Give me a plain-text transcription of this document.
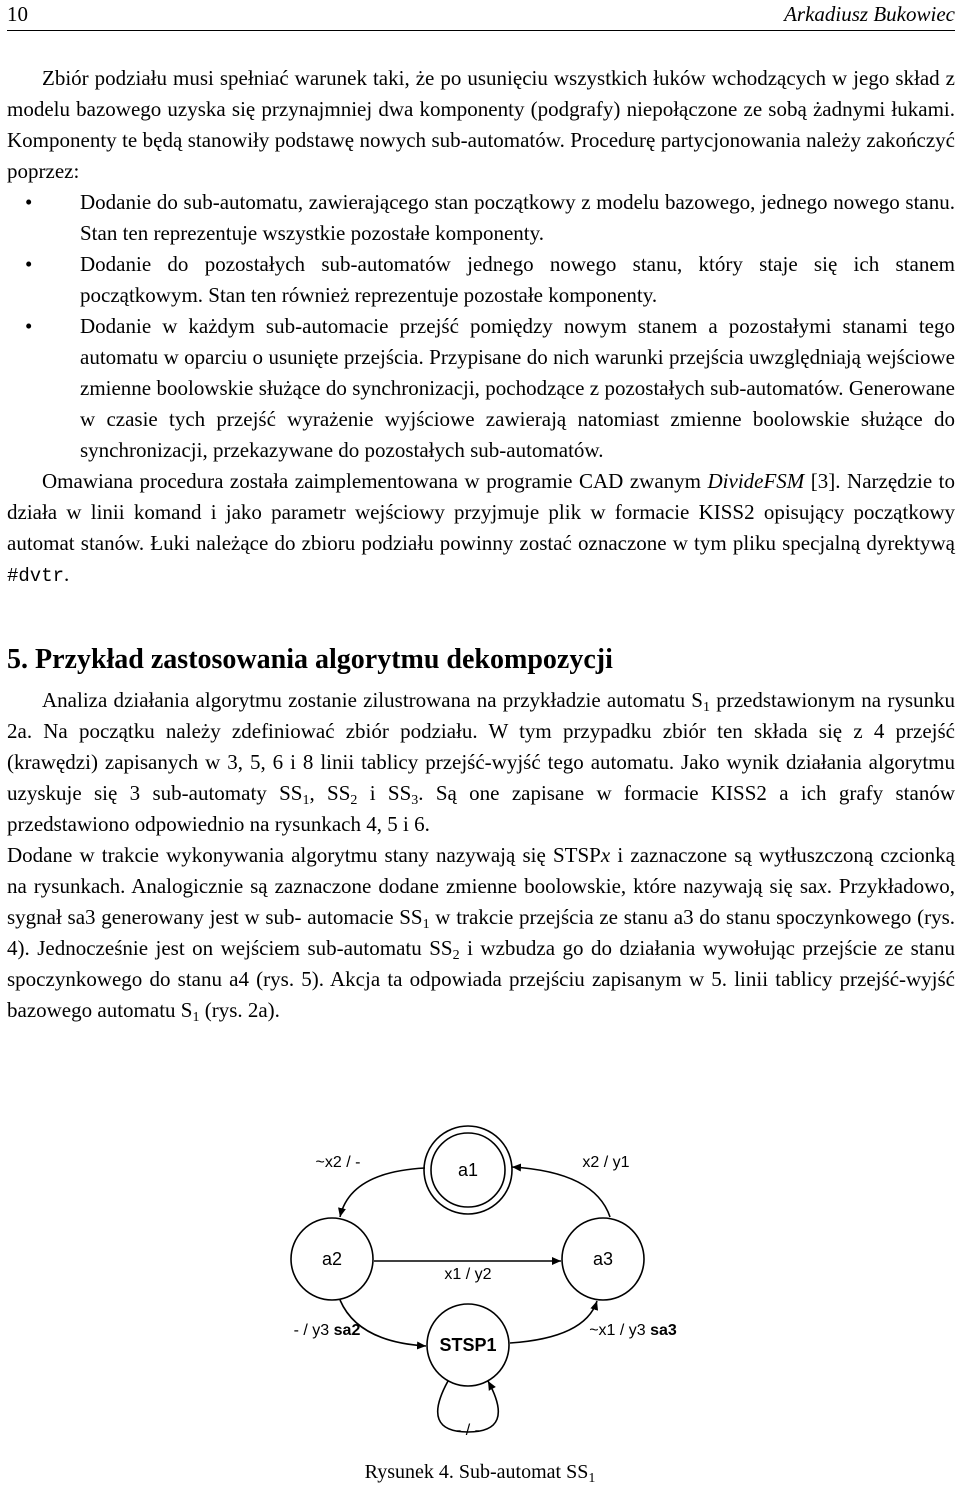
10	Arkadiusz Bukowiec

Zbiór podziału musi spełniać warunek taki, że po usunięciu wszystkich łuków wchodzących w jego skład z modelu bazowego uzyska się przynajmniej dwa komponenty (podgrafy) niepołączone ze sobą żadnymi łukami. Komponenty te będą stanowiły podstawę nowych sub-automatów. Procedurę partycjonowania należy zakończyć poprzez:

• Dodanie do sub-automatu, zawierającego stan początkowy z modelu bazowego, jednego nowego stanu. Stan ten reprezentuje wszystkie pozostałe komponenty.
• Dodanie do pozostałych sub-automatów jednego nowego stanu, który staje się ich stanem początkowym. Stan ten również reprezentuje pozostałe komponenty.
• Dodanie w każdym sub-automacie przejść pomiędzy nowym stanem a pozostałymi stanami tego automatu w oparciu o usunięte przejścia. Przypisane do nich warunki przejścia uwzględniają wejściowe zmienne boolowskie służące do synchronizacji, pochodzące z pozostałych sub-automatów. Generowane w czasie tych przejść wyrażenie wyjściowe zawierają natomiast zmienne boolowskie służące do synchronizacji, przekazywane do pozostałych sub-automatów.

Omawiana procedura została zaimplementowana w programie CAD zwanym DivideFSM [3]. Narzędzie to działa w linii komand i jako parametr wejściowy przyjmuje plik w formacie KISS2 opisujący początkowy automat stanów. Łuki należące do zbioru podziału powinny zostać oznaczone w tym pliku specjalną dyrektywą #dvtr.

5. Przykład zastosowania algorytmu dekompozycji

Analiza działania algorytmu zostanie zilustrowana na przykładzie automatu $S_1$ przedstawionym na rysunku 2a. Na początku należy zdefiniować zbiór podziału. W tym przypadku zbiór ten składa się z 4 przejść (krawędzi) zapisanych w 3, 5, 6 i 8 linii tablicy przejść-wyjść tego automatu. Jako wynik działania algorytmu uzyskuje się 3 sub-automaty $SS_1$, $SS_2$ i $SS_3$. Są one zapisane w formacie KISS2 a ich grafy stanów przedstawiono odpowiednio na rysunkach 4, 5 i 6.

Dodane w trakcie wykonywania algorytmu stany nazywają się STSPx i zaznaczone są wytłuszczoną czcionką na rysunkach. Analogicznie są zaznaczone dodane zmienne boolowskie, które nazywają się sax. Przykładowo, sygnał sa3 generowany jest w sub- automacie $SS_1$ w trakcie przejścia ze stanu a3 do stanu spoczynkowego (rys. 4). Jednocześnie jest on wejściem sub-automatu $SS_2$ i wzbudza go do działania wywołując przejście ze stanu spoczynkowego do stanu a4 (rys. 5). Akcja ta odpowiada przejściu zapisanym w 5. linii tablicy przejść-wyjść bazowego automatu $S_1$ (rys. 2a).

a1
a2	a3
STSP1
~x2 / -	x2 / y1
x1 / y2
- / y3 sa2	~x1 / y3 sa3
- / -
Rysunek 4. Sub-automat $SS_1$
